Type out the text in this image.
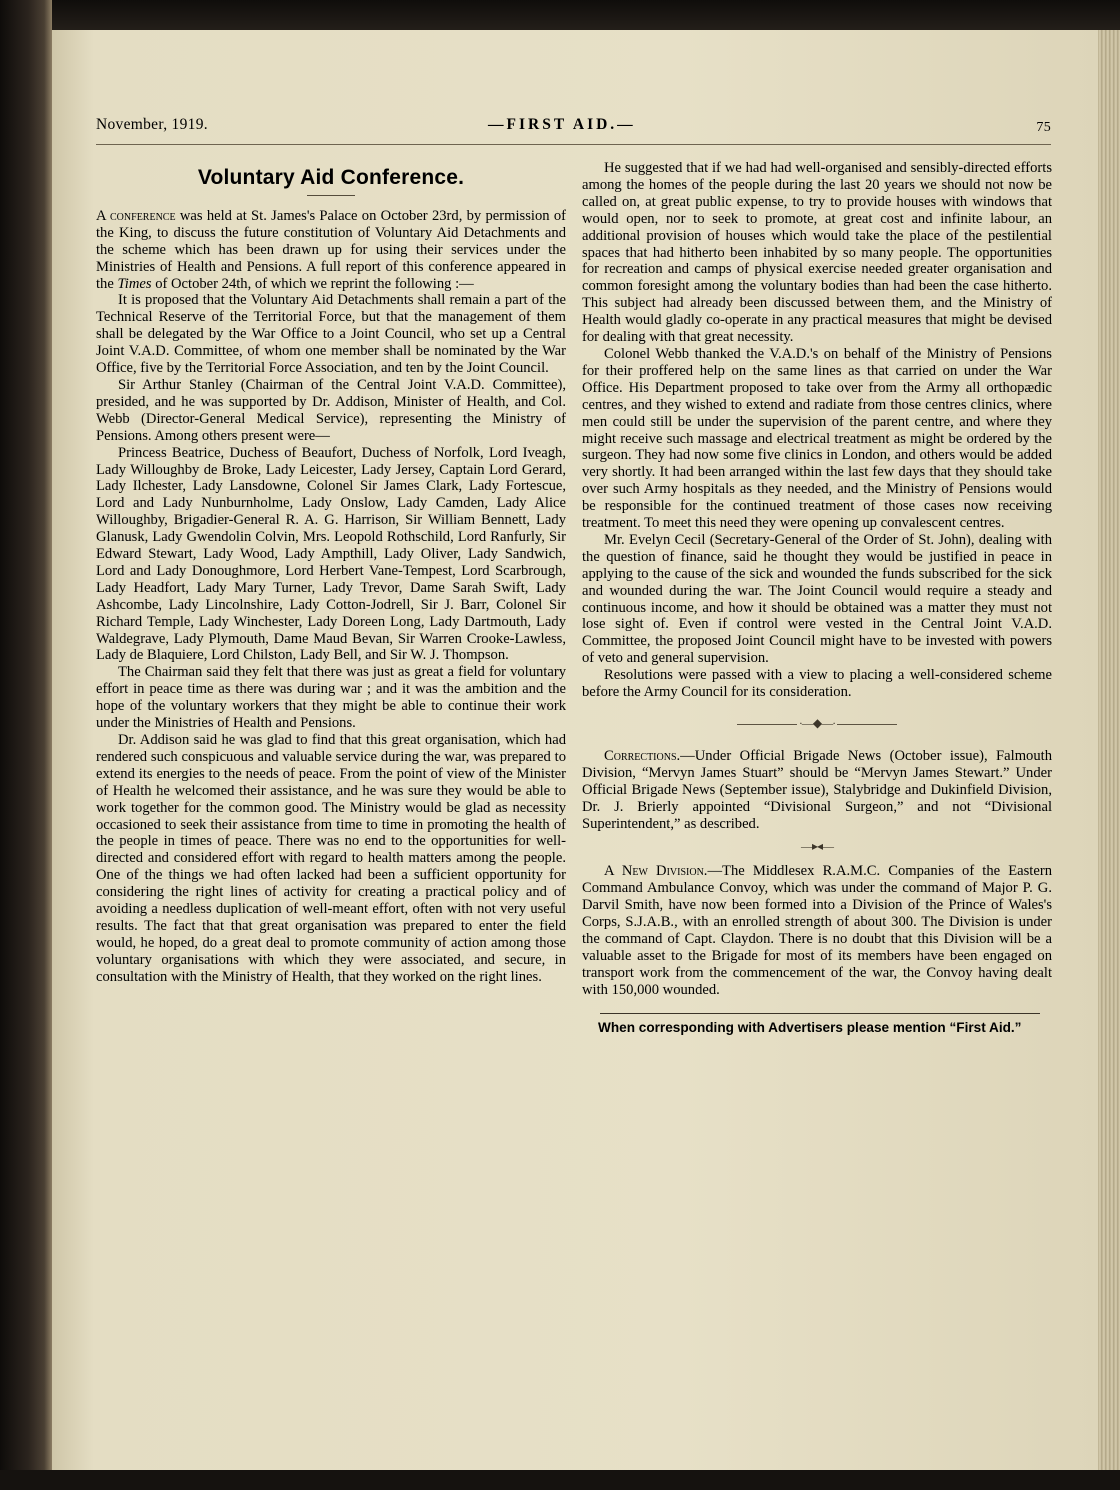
November, 1919.	—FIRST AID.—	75
Voluntary Aid Conference.

A conference was held at St. James's Palace on October 23rd, by permission of the King, to discuss the future constitution of Voluntary Aid Detachments and the scheme which has been drawn up for using their services under the Ministries of Health and Pensions. A full report of this conference appeared in the Times of October 24th, of which we reprint the following :—

It is proposed that the Voluntary Aid Detachments shall remain a part of the Technical Reserve of the Territorial Force, but that the management of them shall be delegated by the War Office to a Joint Council, who set up a Central Joint V.A.D. Committee, of whom one member shall be nominated by the War Office, five by the Territorial Force Association, and ten by the Joint Council.

Sir Arthur Stanley (Chairman of the Central Joint V.A.D. Committee), presided, and he was supported by Dr. Addison, Minister of Health, and Col. Webb (Director-General Medical Service), representing the Ministry of Pensions. Among others present were—

Princess Beatrice, Duchess of Beaufort, Duchess of Norfolk, Lord Iveagh, Lady Willoughby de Broke, Lady Leicester, Lady Jersey, Captain Lord Gerard, Lady Ilchester, Lady Lansdowne, Colonel Sir James Clark, Lady Fortescue, Lord and Lady Nunburnholme, Lady Onslow, Lady Camden, Lady Alice Willoughby, Brigadier-General R. A. G. Harrison, Sir William Bennett, Lady Glanusk, Lady Gwendolin Colvin, Mrs. Leopold Rothschild, Lord Ranfurly, Sir Edward Stewart, Lady Wood, Lady Ampthill, Lady Oliver, Lady Sandwich, Lord and Lady Donoughmore, Lord Herbert Vane-Tempest, Lord Scarbrough, Lady Headfort, Lady Mary Turner, Lady Trevor, Dame Sarah Swift, Lady Ashcombe, Lady Lincolnshire, Lady Cotton-Jodrell, Sir J. Barr, Colonel Sir Richard Temple, Lady Winchester, Lady Doreen Long, Lady Dartmouth, Lady Waldegrave, Lady Plymouth, Dame Maud Bevan, Sir Warren Crooke-Lawless, Lady de Blaquiere, Lord Chilston, Lady Bell, and Sir W. J. Thompson.

The Chairman said they felt that there was just as great a field for voluntary effort in peace time as there was during war ; and it was the ambition and the hope of the voluntary workers that they might be able to continue their work under the Ministries of Health and Pensions.

Dr. Addison said he was glad to find that this great organisation, which had rendered such conspicuous and valuable service during the war, was prepared to extend its energies to the needs of peace. From the point of view of the Minister of Health he welcomed their assistance, and he was sure they would be able to work together for the common good. The Ministry would be glad as necessity occasioned to seek their assistance from time to time in promoting the health of the people in times of peace. There was no end to the opportunities for well-directed and considered effort with regard to health matters among the people. One of the things we had often lacked had been a sufficient opportunity for considering the right lines of activity for creating a practical policy and of avoiding a needless duplication of well-meant effort, often with not very useful results. The fact that that great organisation was prepared to enter the field would, he hoped, do a great deal to promote community of action among those voluntary organisations with which they were associated, and secure, in consultation with the Ministry of Health, that they worked on the right lines.

He suggested that if we had had well-organised and sensibly-directed efforts among the homes of the people during the last 20 years we should not now be called on, at great public expense, to try to provide houses with windows that would open, nor to seek to promote, at great cost and infinite labour, an additional provision of houses which would take the place of the pestilential spaces that had hitherto been inhabited by so many people. The opportunities for recreation and camps of physical exercise needed greater organisation and common foresight among the voluntary bodies than had been the case hitherto. This subject had already been discussed between them, and the Ministry of Health would gladly co-operate in any practical measures that might be devised for dealing with that great necessity.

Colonel Webb thanked the V.A.D.'s on behalf of the Ministry of Pensions for their proffered help on the same lines as that carried on under the War Office. His Department proposed to take over from the Army all orthopædic centres, and they wished to extend and radiate from those centres clinics, where men could still be under the supervision of the parent centre, and where they might receive such massage and electrical treatment as might be ordered by the surgeon. They had now some five clinics in London, and others would be added very shortly. It had been arranged within the last few days that they should take over such Army hospitals as they needed, and the Ministry of Pensions would be responsible for the continued treatment of those cases now receiving treatment. To meet this need they were opening up convalescent centres.

Mr. Evelyn Cecil (Secretary-General of the Order of St. John), dealing with the question of finance, said he thought they would be justified in peace in applying to the cause of the sick and wounded the funds subscribed for the sick and wounded during the war. The Joint Council would require a steady and continuous income, and how it should be obtained was a matter they must not lose sight of. Even if control were vested in the Central Joint V.A.D. Committee, the proposed Joint Council might have to be invested with powers of veto and general supervision.

Resolutions were passed with a view to placing a well-considered scheme before the Army Council for its consideration.

·—◆—·

Corrections.—Under Official Brigade News (October issue), Falmouth Division, “Mervyn James Stuart” should be “Mervyn James Stewart.” Under Official Brigade News (September issue), Stalybridge and Dukinfield Division, Dr. J. Brierly appointed “Divisional Surgeon,” and not “Divisional Superintendent,” as described.

—▸◂—

A New Division.—The Middlesex R.A.M.C. Companies of the Eastern Command Ambulance Convoy, which was under the command of Major P. G. Darvil Smith, have now been formed into a Division of the Prince of Wales's Corps, S.J.A.B., with an enrolled strength of about 300. The Division is under the command of Capt. Claydon. There is no doubt that this Division will be a valuable asset to the Brigade for most of its members have been engaged on transport work from the commencement of the war, the Convoy having dealt with 150,000 wounded.

When corresponding with Advertisers please mention “First Aid.”
